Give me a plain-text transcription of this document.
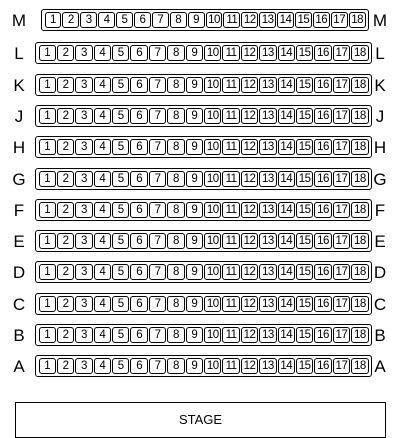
M	1	2	3	4	5	6	7	8	9 10 11 12 13 14 15 16 17 18 M
L	1	2	3	4	5	6	7	8	9 10 11 12 13 14 15 16 17 18 L
K	1	2	3	4	5	6	7	8	9 10 11 12 13 14 15 16 17 18 K
J	1	2	3	4	5	6	7	8	9 10 11 12 13 14 15 16 17 18 J
H	1	2	3	4	5	6	7	8	9 10 11 12 13 14 15 16 17 18 H
G	1	2	3	4	5	6	7	8	9 10 11 12 13 14 15 16 17 18 G
F	1	2	3	4	5	6	7	8	9 10 11 12 13 14 15 16 17 18 F
E	1	2	3	4	5	6	7	8	9 10 11 12 13 14 15 16 17 18 E
D	1	2	3	4	5	6	7	8	9 10 11 12 13 14 15 16 17 18 D
C	1	2	3	4	5	6	7	8	9 10 11 12 13 14 15 16 17 18 C
B	1	2	3	4	5	6	7	8	9 10 11 12 13 14 15 16 17 18 B
A	1	2	3	4	5	6	7	8	9 10 11 12 13 14 15 16 17 18 A
STAGE
